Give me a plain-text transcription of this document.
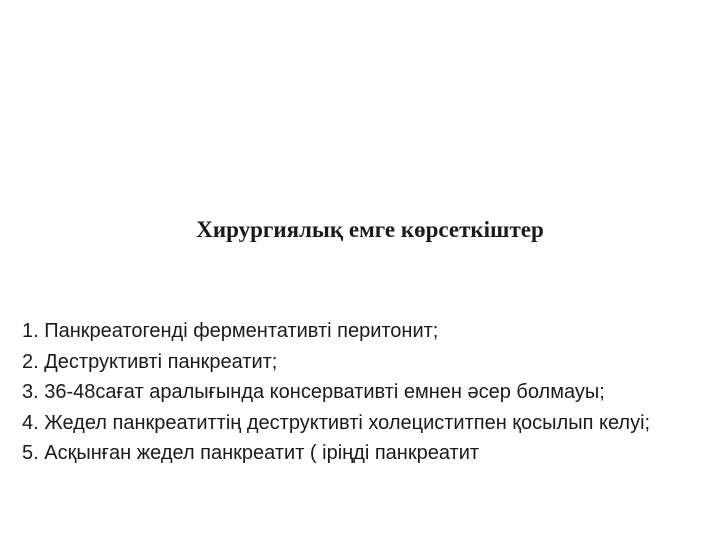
Хирургиялық емге көрсеткіштер
1. Панкреатогенді ферментативті перитонит;
2. Деструктивті панкреатит;
3. 36-48сағат аралығында консервативті емнен әсер болмауы;
4. Жедел панкреатиттің деструктивті холециститпен қосылып келуі;
5. Асқынған жедел панкреатит ( іріңді панкреатит
